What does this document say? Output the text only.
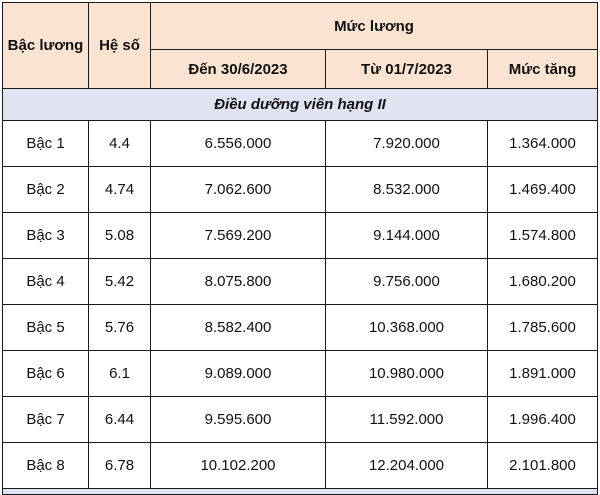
Bậc lương	Hệ số	Mức lương		
		Đến 30/6/2023	Từ 01/7/2023	Mức tăng
Điều dưỡng viên hạng II				
Bậc 1	4.4	6.556.000	7.920.000	1.364.000
Bậc 2	4.74	7.062.600	8.532.000	1.469.400
Bậc 3	5.08	7.569.200	9.144.000	1.574.800
Bậc 4	5.42	8.075.800	9.756.000	1.680.200
Bậc 5	5.76	8.582.400	10.368.000	1.785.600
Bậc 6	6.1	9.089.000	10.980.000	1.891.000
Bậc 7	6.44	9.595.600	11.592.000	1.996.400
Bậc 8	6.78	10.102.200	12.204.000	2.101.800
